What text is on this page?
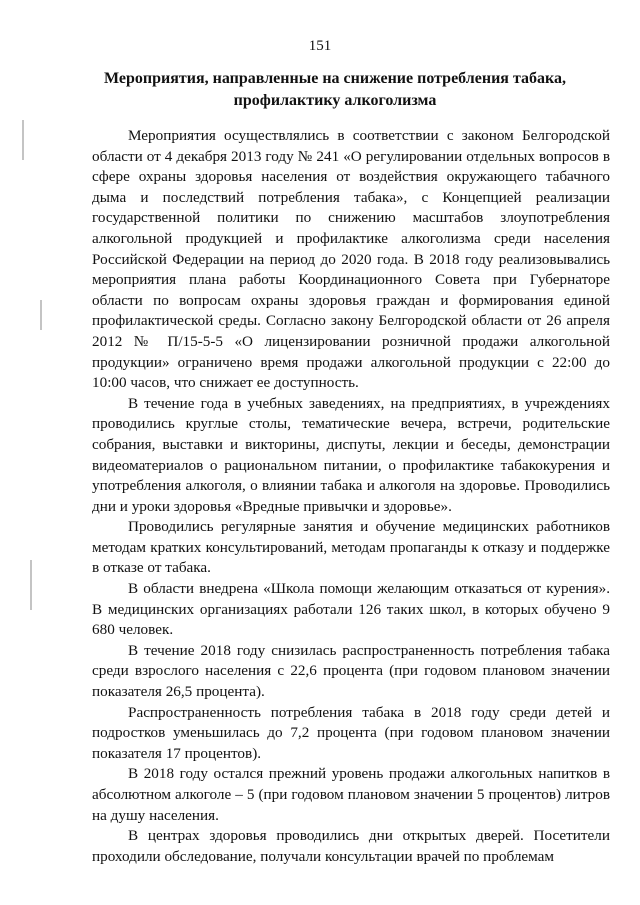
151
Мероприятия, направленные на снижение потребления табака,
профилактику алкоголизма

Мероприятия осуществлялись в соответствии с законом Белгородской области от 4 декабря 2013 году № 241 «О регулировании отдельных вопросов в сфере охраны здоровья населения от воздействия окружающего табачного дыма и последствий потребления табака», с Концепцией реализации государственной политики по снижению масштабов злоупотребления алкогольной продукцией и профилактике алкоголизма среди населения Российской Федерации на период до 2020 года. В 2018 году реализовывались мероприятия плана работы Координационного Совета при Губернаторе области по вопросам охраны здоровья граждан и формирования единой профилактической среды. Согласно закону Белгородской области от 26 апреля 2012 № П/15-5-5 «О лицензировании розничной продажи алкогольной продукции» ограничено время продажи алкогольной продукции с 22:00 до 10:00 часов, что снижает ее доступность.

В течение года в учебных заведениях, на предприятиях, в учреждениях проводились круглые столы, тематические вечера, встречи, родительские собрания, выставки и викторины, диспуты, лекции и беседы, демонстрации видеоматериалов о рациональном питании, о профилактике табакокурения и употребления алкоголя, о влиянии табака и алкоголя на здоровье. Проводились дни и уроки здоровья «Вредные привычки и здоровье».

Проводились регулярные занятия и обучение медицинских работников методам кратких консультирований, методам пропаганды к отказу и поддержке в отказе от табака.

В области внедрена «Школа помощи желающим отказаться от курения». В медицинских организациях работали 126 таких школ, в которых обучено 9 680 человек.

В течение 2018 году снизилась распространенность потребления табака среди взрослого населения с 22,6 процента (при годовом плановом значении показателя 26,5 процента).

Распространенность потребления табака в 2018 году среди детей и подростков уменьшилась до 7,2 процента (при годовом плановом значении показателя 17 процентов).

В 2018 году остался прежний уровень продажи алкогольных напитков в абсолютном алкоголе – 5 (при годовом плановом значении 5 процентов) литров на душу населения.

В центрах здоровья проводились дни открытых дверей. Посетители проходили обследование, получали консультации врачей по проблемам
